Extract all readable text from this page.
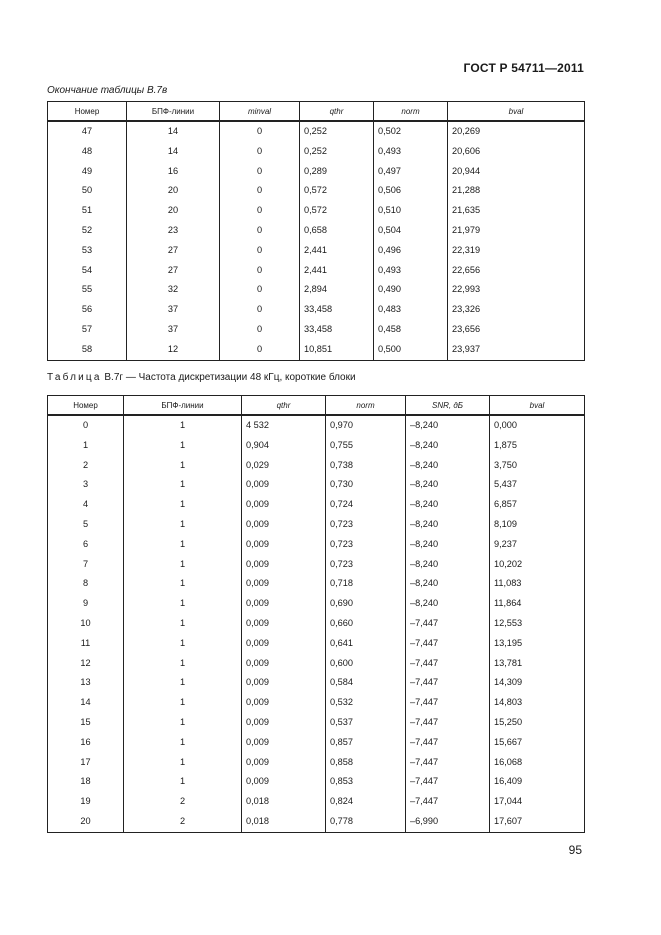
ГОСТ Р 54711—2011
Окончание таблицы В.7в
Номер	БПФ-линии	minval	qthr	norm	bval
47	14	0	0,252	0,502	20,269
48	14	0	0,252	0,493	20,606
49	16	0	0,289	0,497	20,944
50	20	0	0,572	0,506	21,288
51	20	0	0,572	0,510	21,635
52	23	0	0,658	0,504	21,979
53	27	0	2,441	0,496	22,319
54	27	0	2,441	0,493	22,656
55	32	0	2,894	0,490	22,993
56	37	0	33,458	0,483	23,326
57	37	0	33,458	0,458	23,656
58	12	0	10,851	0,500	23,937
Таблица В.7г — Частота дискретизации 48 кГц, короткие блоки
Номер	БПФ-линии	qthr	norm	SNR, дБ	bval
0	1	4 532	0,970	–8,240	0,000
1	1	0,904	0,755	–8,240	1,875
2	1	0,029	0,738	–8,240	3,750
3	1	0,009	0,730	–8,240	5,437
4	1	0,009	0,724	–8,240	6,857
5	1	0,009	0,723	–8,240	8,109
6	1	0,009	0,723	–8,240	9,237
7	1	0,009	0,723	–8,240	10,202
8	1	0,009	0,718	–8,240	11,083
9	1	0,009	0,690	–8,240	11,864
10	1	0,009	0,660	–7,447	12,553
11	1	0,009	0,641	–7,447	13,195
12	1	0,009	0,600	–7,447	13,781
13	1	0,009	0,584	–7,447	14,309
14	1	0,009	0,532	–7,447	14,803
15	1	0,009	0,537	–7,447	15,250
16	1	0,009	0,857	–7,447	15,667
17	1	0,009	0,858	–7,447	16,068
18	1	0,009	0,853	–7,447	16,409
19	2	0,018	0,824	–7,447	17,044
20	2	0,018	0,778	–6,990	17,607
95
